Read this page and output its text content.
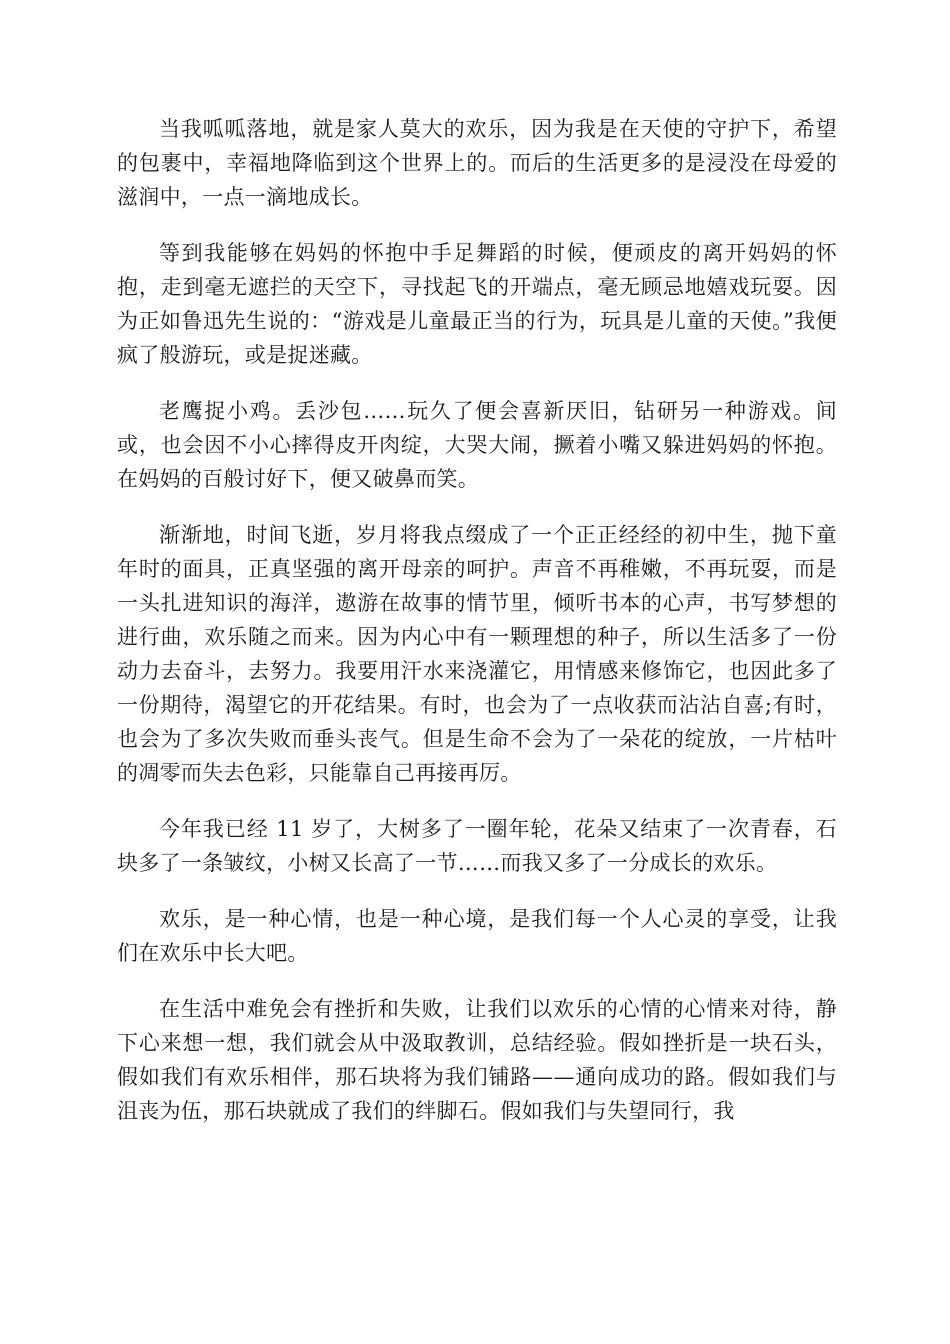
当我呱呱落地，就是家人莫大的欢乐，因为我是在天使的守护下，希望的包裹中，幸福地降临到这个世界上的。而后的生活更多的是浸没在母爱的滋润中，一点一滴地成长。

等到我能够在妈妈的怀抱中手足舞蹈的时候，便顽皮的离开妈妈的怀抱，走到毫无遮拦的天空下，寻找起飞的开端点，毫无顾忌地嬉戏玩耍。因为正如鲁迅先生说的：“游戏是儿童最正当的行为，玩具是儿童的天使。”我便疯了般游玩，或是捉迷藏。

老鹰捉小鸡。丢沙包……玩久了便会喜新厌旧，钻研另一种游戏。间或，也会因不小心摔得皮开肉绽，大哭大闹，撅着小嘴又躲进妈妈的怀抱。在妈妈的百般讨好下，便又破鼻而笑。

渐渐地，时间飞逝，岁月将我点缀成了一个正正经经的初中生，抛下童年时的面具，正真坚强的离开母亲的呵护。声音不再稚嫩，不再玩耍，而是一头扎进知识的海洋，遨游在故事的情节里，倾听书本的心声，书写梦想的进行曲，欢乐随之而来。因为内心中有一颗理想的种子，所以生活多了一份动力去奋斗，去努力。我要用汗水来浇灌它，用情感来修饰它，也因此多了一份期待，渴望它的开花结果。有时，也会为了一点收获而沾沾自喜;有时，也会为了多次失败而垂头丧气。但是生命不会为了一朵花的绽放，一片枯叶的凋零而失去色彩，只能靠自己再接再厉。

今年我已经 11 岁了，大树多了一圈年轮，花朵又结束了一次青春，石块多了一条皱纹，小树又长高了一节……而我又多了一分成长的欢乐。

欢乐，是一种心情，也是一种心境，是我们每一个人心灵的享受，让我们在欢乐中长大吧。

在生活中难免会有挫折和失败，让我们以欢乐的心情的心情来对待，静下心来想一想，我们就会从中汲取教训，总结经验。假如挫折是一块石头，假如我们有欢乐相伴，那石块将为我们铺路——通向成功的路。假如我们与沮丧为伍，那石块就成了我们的绊脚石。假如我们与失望同行，我
